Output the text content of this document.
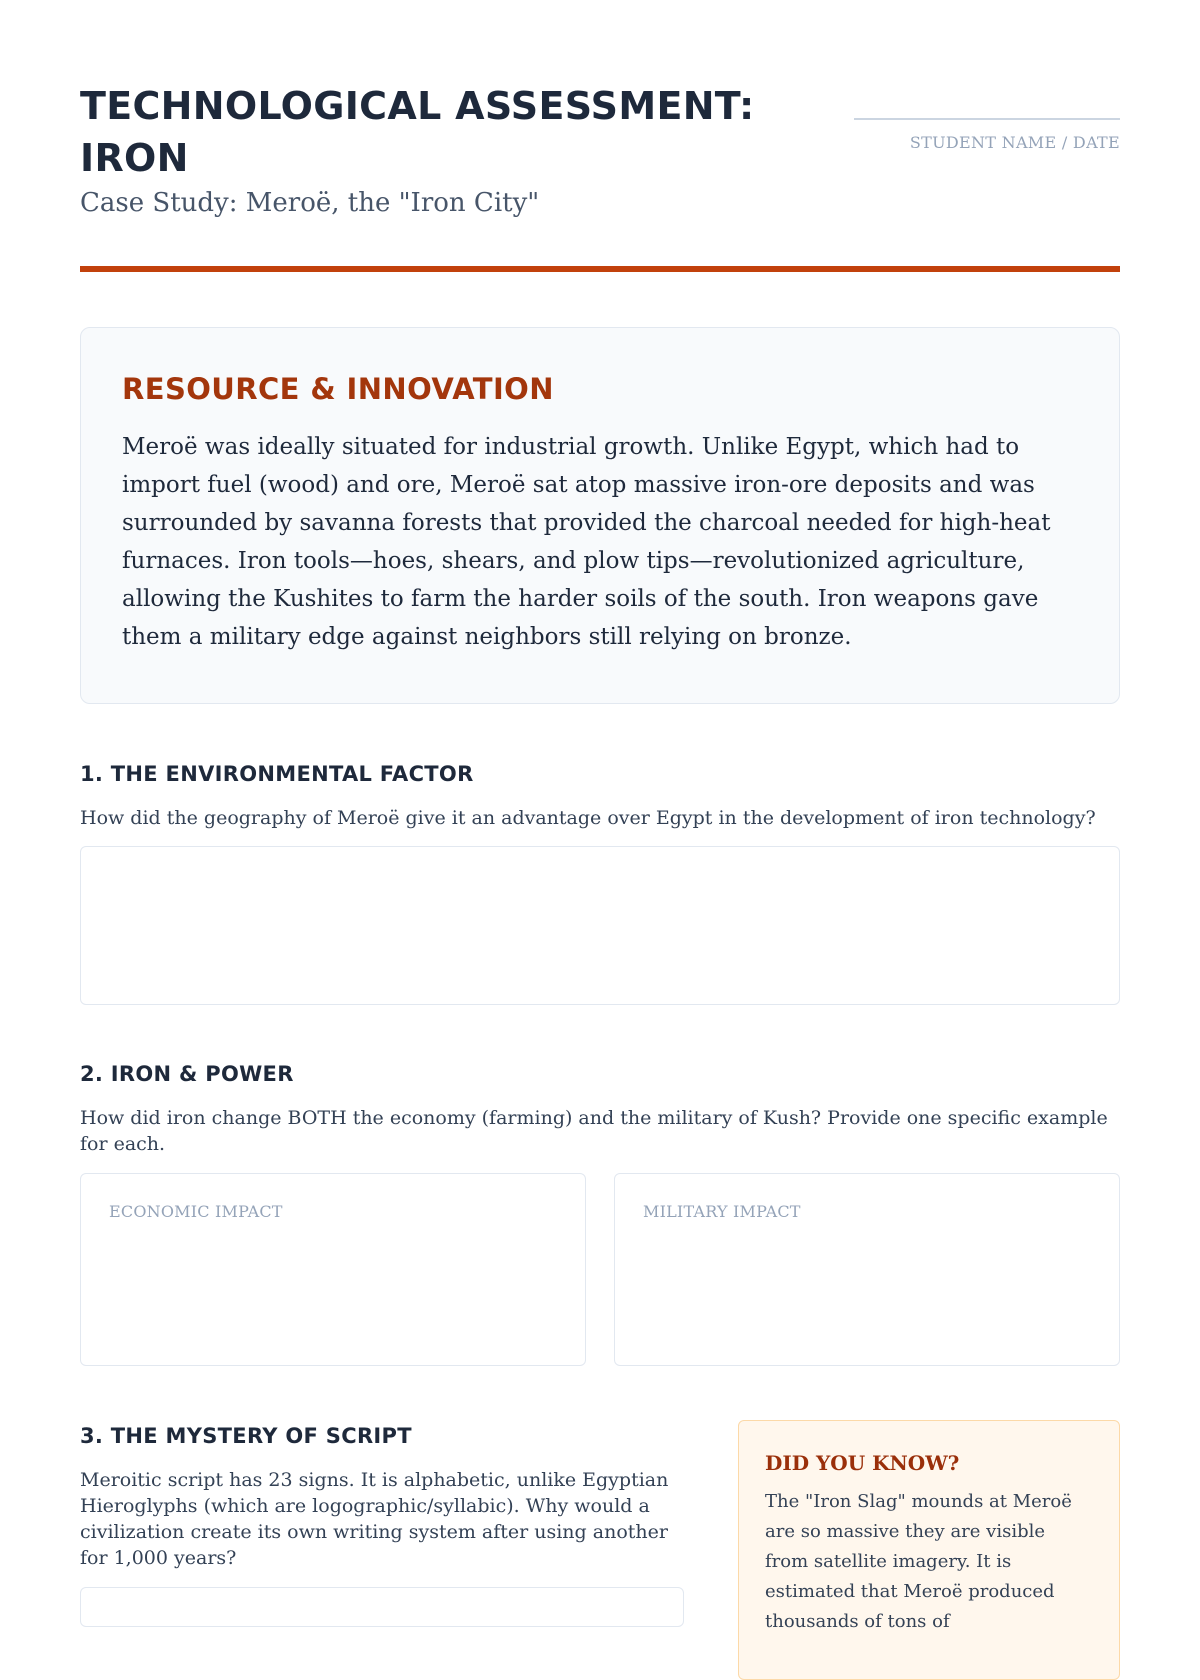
TECHNOLOGICAL ASSESSMENT: IRON
Case Study: Meroë, the "Iron City"
STUDENT NAME / DATE
RESOURCE & INNOVATION

Meroë was ideally situated for industrial growth. Unlike Egypt, which had to import fuel (wood) and ore, Meroë sat atop massive iron-ore deposits and was surrounded by savanna forests that provided the charcoal needed for high-heat furnaces. Iron tools—hoes, shears, and plow tips—revolutionized agriculture, allowing the Kushites to farm the harder soils of the south. Iron weapons gave them a military edge against neighbors still relying on bronze.

1. THE ENVIRONMENTAL FACTOR

How did the geography of Meroë give it an advantage over Egypt in the development of iron technology?

2. IRON & POWER

How did iron change BOTH the economy (farming) and the military of Kush? Provide one specific example for each.

ECONOMIC IMPACT	MILITARY IMPACT
3. THE MYSTERY OF SCRIPT

Meroitic script has 23 signs. It is alphabetic, unlike Egyptian Hieroglyphs (which are logographic/syllabic). Why would a civilization create its own writing system after using another for 1,000 years?

DID YOU KNOW?

The "Iron Slag" mounds at Meroë are so massive they are visible from satellite imagery. It is estimated that Meroë produced thousands of tons of
